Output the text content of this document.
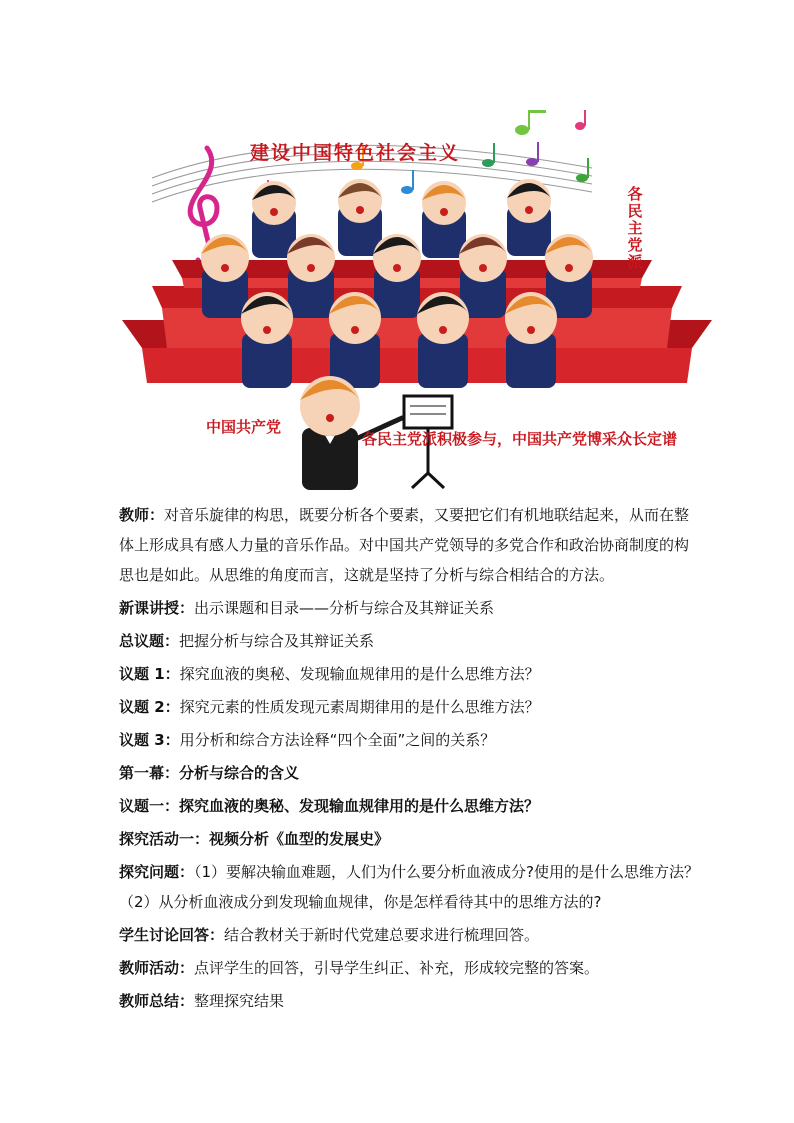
建设中国特色社会主义
各民主党派
中国共产党
各民主党派积极参与，中国共产党博采众长定谱

教师：对音乐旋律的构思，既要分析各个要素，又要把它们有机地联结起来，从而在整体上形成具有感人力量的音乐作品。对中国共产党领导的多党合作和政治协商制度的构思也是如此。从思维的角度而言，这就是坚持了分析与综合相结合的方法。

新课讲授：出示课题和目录——分析与综合及其辩证关系

总议题：把握分析与综合及其辩证关系

议题 1：探究血液的奥秘、发现输血规律用的是什么思维方法？

议题 2：探究元素的性质发现元素周期律用的是什么思维方法？

议题 3：用分析和综合方法诠释“四个全面”之间的关系？

第一幕：分析与综合的含义

议题一：探究血液的奥秘、发现输血规律用的是什么思维方法？

探究活动一：视频分析《血型的发展史》

探究问题：（1）要解决输血难题，人们为什么要分析血液成分?使用的是什么思维方法？（2）从分析血液成分到发现输血规律，你是怎样看待其中的思维方法的?

学生讨论回答：结合教材关于新时代党建总要求进行梳理回答。

教师活动：点评学生的回答，引导学生纠正、补充，形成较完整的答案。

教师总结：整理探究结果
